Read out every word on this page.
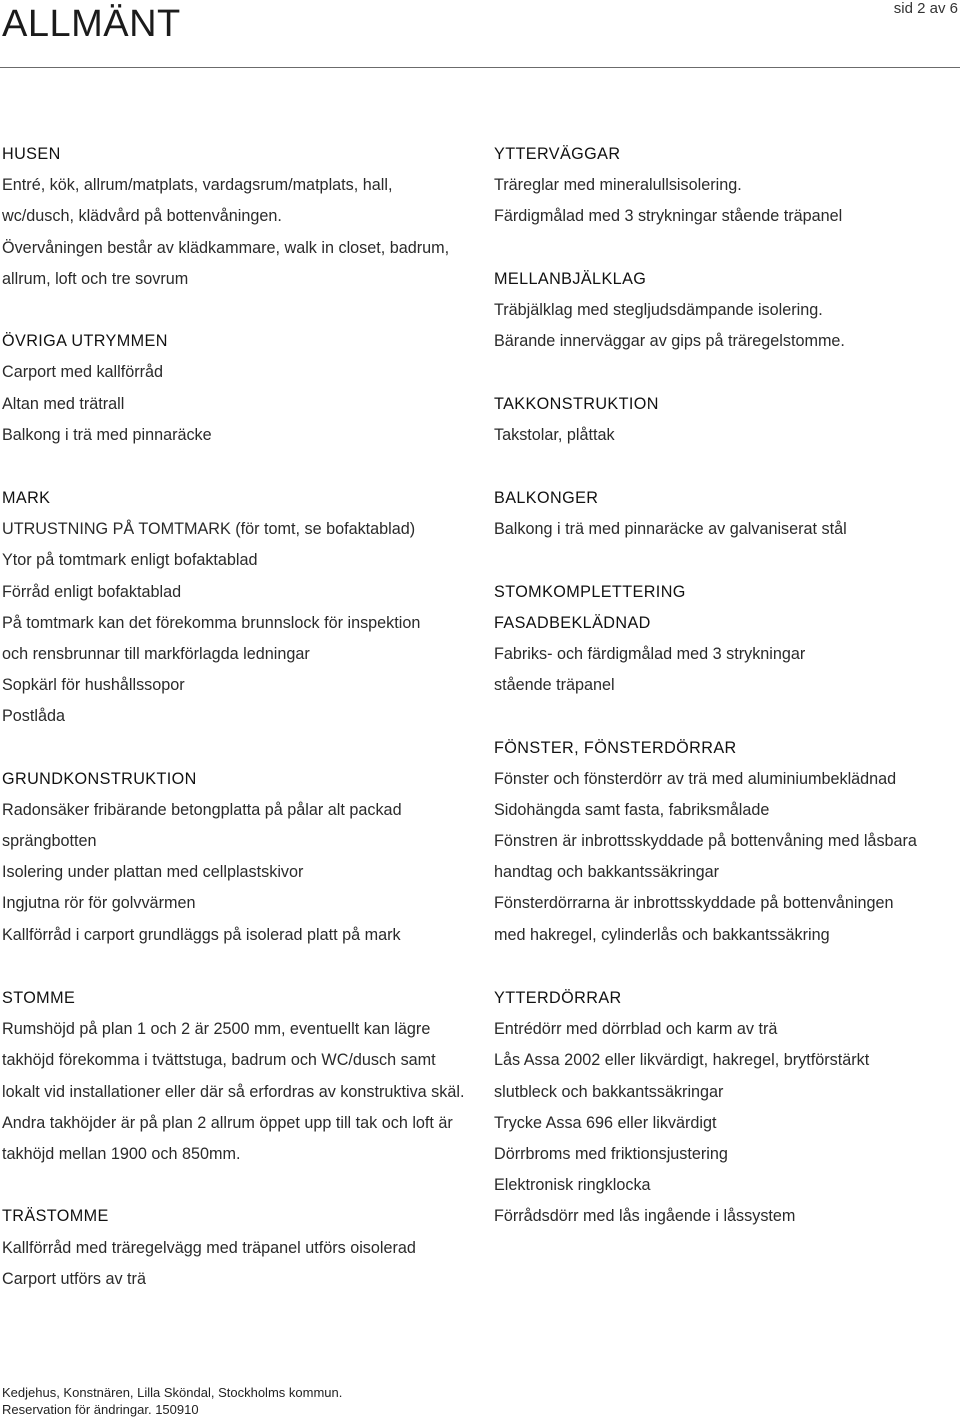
ALLMÄNT	sid 2 av 6
HUSEN
Entré, kök, allrum/matplats, vardagsrum/matplats, hall,
wc/dusch, klädvård på bottenvåningen.
Övervåningen består av klädkammare, walk in closet, badrum,
allrum, loft och tre sovrum
ÖVRIGA UTRYMMEN
Carport med kallförråd
Altan med trätrall
Balkong i trä med pinnaräcke
YTTERVÄGGAR
Träreglar med mineralullsisolering.
Färdigmålad med 3 strykningar stående träpanel
MELLANBJÄLKLAG
Träbjälklag med stegljudsdämpande isolering.
Bärande innerväggar av gips på träregelstomme.
TAKKONSTRUKTION
Takstolar, plåttak
MARK
UTRUSTNING PÅ TOMTMARK (för tomt, se bofaktablad)
Ytor på tomtmark enligt bofaktablad
Förråd enligt bofaktablad
På tomtmark kan det förekomma brunnslock för inspektion
och rensbrunnar till markförlagda ledningar
Sopkärl för hushållssopor
Postlåda
GRUNDKONSTRUKTION
Radonsäker fribärande betongplatta på pålar alt packad
sprängbotten
Isolering under plattan med cellplastskivor
Ingjutna rör för golvvärmen
Kallförråd i carport grundläggs på isolerad platt på mark
BALKONGER
Balkong i trä med pinnaräcke av galvaniserat stål
STOMKOMPLETTERING
FASADBEKLÄDNAD
Fabriks- och färdigmålad med 3 strykningar
stående träpanel
FÖNSTER, FÖNSTERDÖRRAR
Fönster och fönsterdörr av trä med aluminiumbeklädnad
Sidohängda samt fasta, fabriksmålade
Fönstren är inbrottsskyddade på bottenvåning med låsbara
handtag och bakkantssäkringar
Fönsterdörrarna är inbrottsskyddade på bottenvåningen
med hakregel, cylinderlås och bakkantssäkring
STOMME
Rumshöjd på plan 1 och 2 är 2500 mm, eventuellt kan lägre
takhöjd förekomma i tvättstuga, badrum och WC/dusch samt
lokalt vid installationer eller där så erfordras av konstruktiva skäl.
Andra takhöjder är på plan 2 allrum öppet upp till tak och loft är
takhöjd mellan 1900 och 850mm.
TRÄSTOMME
Kallförråd med träregelvägg med träpanel utförs oisolerad
Carport utförs av trä
YTTERDÖRRAR
Entrédörr med dörrblad och karm av trä
Lås Assa 2002 eller likvärdigt, hakregel, brytförstärkt
slutbleck och bakkantssäkringar
Trycke Assa 696 eller likvärdigt
Dörrbroms med friktionsjustering
Elektronisk ringklocka
Förrådsdörr med lås ingående i låssystem
Kedjehus, Konstnären, Lilla Sköndal, Stockholms kommun.
Reservation för ändringar. 150910
